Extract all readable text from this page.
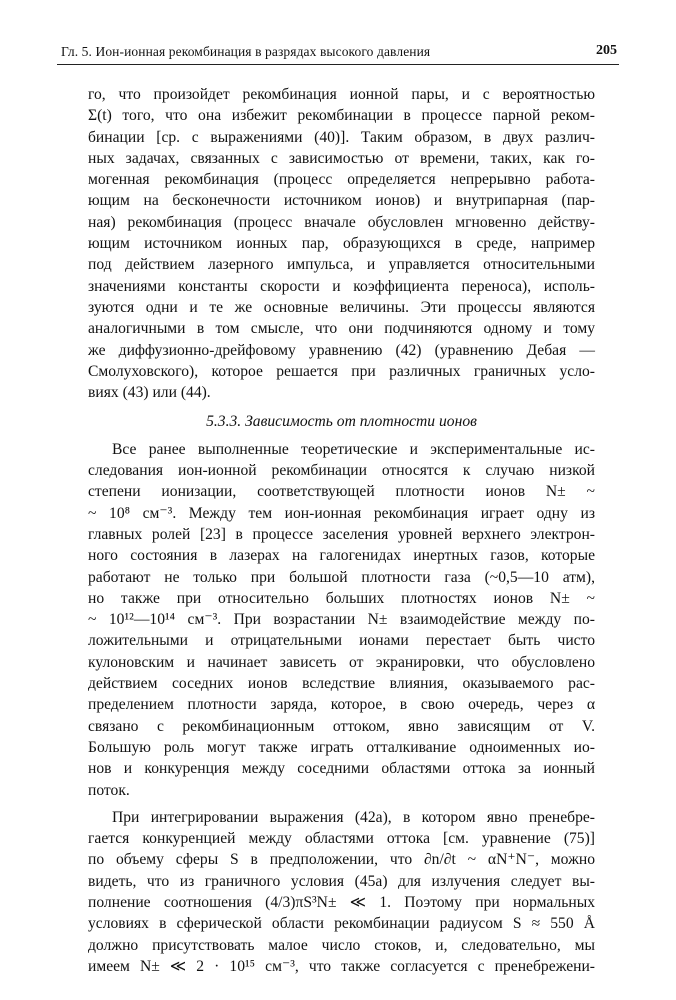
Гл. 5. Ион-ионная рекомбинация в разрядах высокого давления	205

го, что произойдет рекомбинация ионной пары, и с вероятностью

Σ(t) того, что она избежит рекомбинации в процессе парной реком-

бинации [ср. с выражениями (40)]. Таким образом, в двух различ-

ных задачах, связанных с зависимостью от времени, таких, как го-

могенная рекомбинация (процесс определяется непрерывно работа-

ющим на бесконечности источником ионов) и внутрипарная (пар-

ная) рекомбинация (процесс вначале обусловлен мгновенно действу-

ющим источником ионных пар, образующихся в среде, например

под действием лазерного импульса, и управляется относительными

значениями константы скорости и коэффициента переноса), исполь-

зуются одни и те же основные величины. Эти процессы являются

аналогичными в том смысле, что они подчиняются одному и тому

же диффузионно-дрейфовому уравнению (42) (уравнению Дебая —

Смолуховского), которое решается при различных граничных усло-

виях (43) или (44).

5.3.3. Зависимость от плотности ионов

Все ранее выполненные теоретические и экспериментальные ис-

следования ион-ионной рекомбинации относятся к случаю низкой

степени ионизации, соответствующей плотности ионов N± ~

~ 10⁸ см⁻³. Между тем ион-ионная рекомбинация играет одну из

главных ролей [23] в процессе заселения уровней верхнего электрон-

ного состояния в лазерах на галогенидах инертных газов, которые

работают не только при большой плотности газа (~0,5—10 атм),

но также при относительно больших плотностях ионов N± ~

~ 10¹²—10¹⁴ см⁻³. При возрастании N± взаимодействие между по-

ложительными и отрицательными ионами перестает быть чисто

кулоновским и начинает зависеть от экранировки, что обусловлено

действием соседних ионов вследствие влияния, оказываемого рас-

пределением плотности заряда, которое, в свою очередь, через α

связано с рекомбинационным оттоком, явно зависящим от V.

Большую роль могут также играть отталкивание одноименных ио-

нов и конкуренция между соседними областями оттока за ионный

поток.

При интегрировании выражения (42а), в котором явно пренебре-

гается конкуренцией между областями оттока [см. уравнение (75)]

по объему сферы S в предположении, что ∂n/∂t ~ αN⁺N⁻, можно

видеть, что из граничного условия (45а) для излучения следует вы-

полнение соотношения (4/3)πS³N± ≪ 1. Поэтому при нормальных

условиях в сферической области рекомбинации радиусом S ≈ 550 Å

должно присутствовать малое число стоков, и, следовательно, мы

имеем N± ≪ 2 · 10¹⁵ см⁻³, что также согласуется с пренебрежени-
